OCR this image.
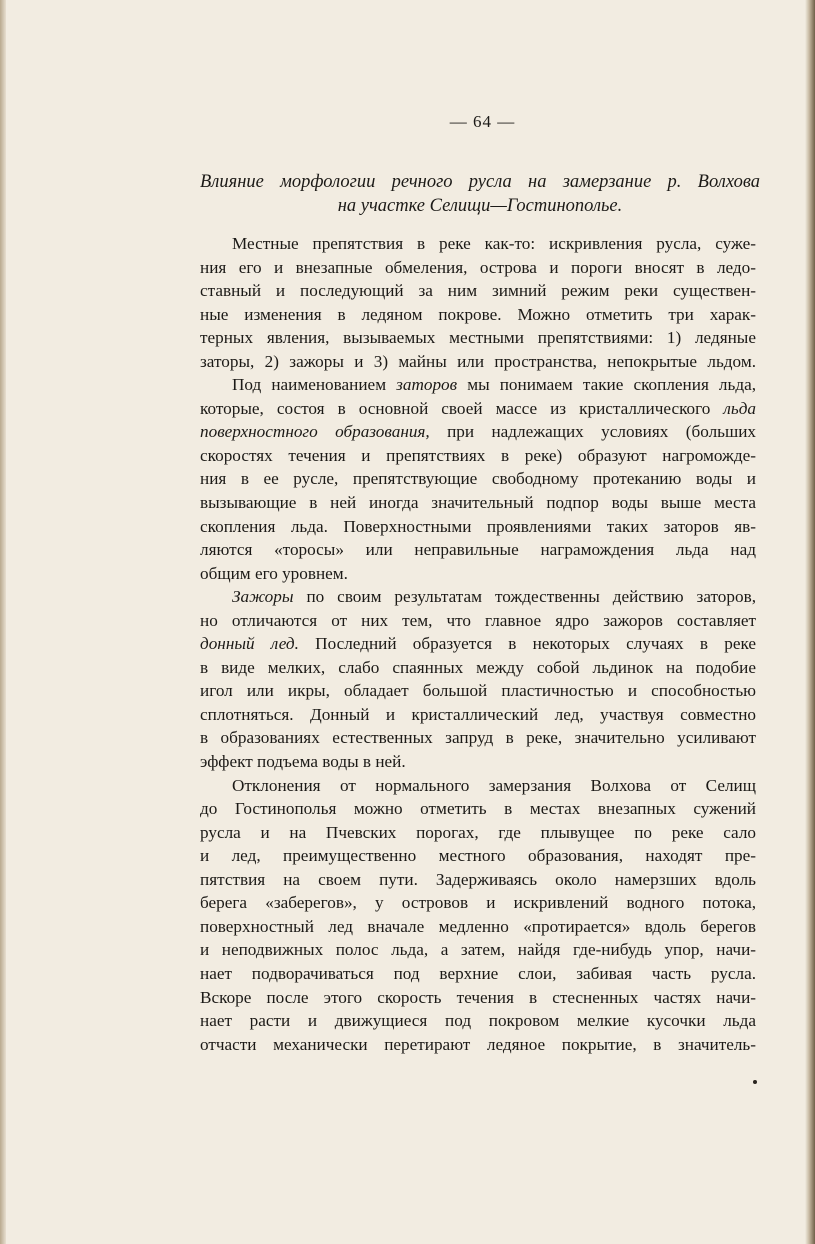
— 64 —
Влияние морфологии речного русла на замерзание р. Волхова
на участке Селищи—Гостинополье.
Местные препятствия в реке как-то: искривления русла, суже-
ния его и внезапные обмеления, острова и пороги вносят в ледо-
ставный и последующий за ним зимний режим реки существен-
ные изменения в ледяном покрове. Можно отметить три харак-
терных явления, вызываемых местными препятствиями: 1) ледяные
заторы, 2) зажоры и 3) майны или пространства, непокрытые льдом.
Под наименованием заторов мы понимаем такие скопления льда,
которые, состоя в основной своей массе из кристаллического льда
поверхностного образования, при надлежащих условиях (больших
скоростях течения и препятствиях в реке) образуют нагроможде-
ния в ее русле, препятствующие свободному протеканию воды и
вызывающие в ней иногда значительный подпор воды выше места
скопления льда. Поверхностными проявлениями таких заторов яв-
ляются «торосы» или неправильные награмождения льда над
общим его уровнем.
Зажоры по своим результатам тождественны действию заторов,
но отличаются от них тем, что главное ядро зажоров составляет
донный лед. Последний образуется в некоторых случаях в реке
в виде мелких, слабо спаянных между собой льдинок на подобие
игол или икры, обладает большой пластичностью и способностью
сплотняться. Донный и кристаллический лед, участвуя совместно
в образованиях естественных запруд в реке, значительно усиливают
эффект подъема воды в ней.
Отклонения от нормального замерзания Волхова от Селищ
до Гостинополья можно отметить в местах внезапных сужений
русла и на Пчевских порогах, где плывущее по реке сало
и лед, преимущественно местного образования, находят пре-
пятствия на своем пути. Задерживаясь около намерзших вдоль
берега «заберегов», у островов и искривлений водного потока,
поверхностный лед вначале медленно «протирается» вдоль берегов
и неподвижных полос льда, а затем, найдя где-нибудь упор, начи-
нает подворачиваться под верхние слои, забивая часть русла.
Вскоре после этого скорость течения в стесненных частях начи-
нает расти и движущиеся под покровом мелкие кусочки льда
отчасти механически перетирают ледяное покрытие, в значитель-
